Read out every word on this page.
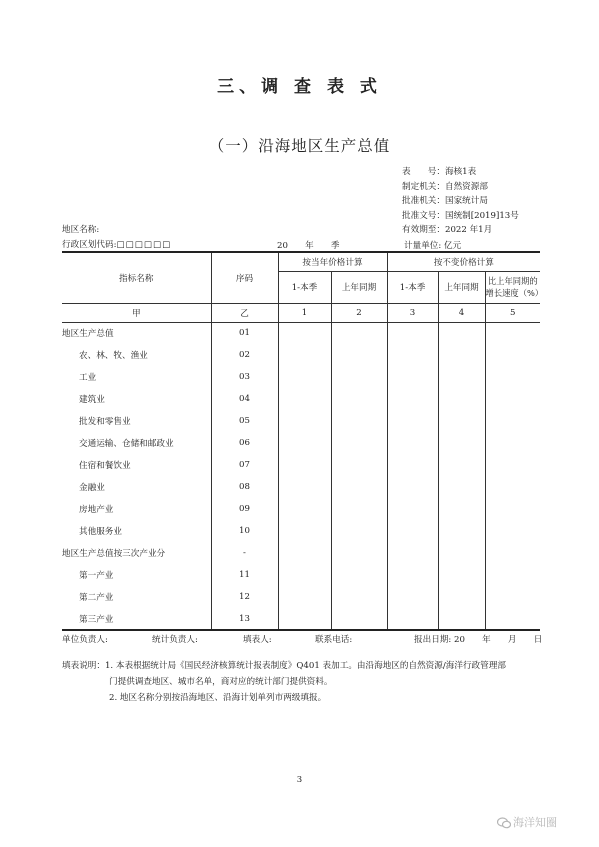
三、调 查 表 式
（一）沿海地区生产总值
表　　号：海核1表
制定机关：自然资源部
批准机关：国家统计局
批准文号：国统制[2019]13号
有效期至：2022 年1月
地区名称:
行政区划代码:□□□□□□	20　　年　　季	计量单位: 亿元
指标名称	序码	按当年价格计算		按不变价格计算		
		1-本季	上年同期	1-本季	上年同期	比上年同期的增长速度（%）
甲	乙	1	2	3	4	5
地区生产总值	01					
农、林、牧、渔业	02					
工业	03					
建筑业	04					
批发和零售业	05					
交通运输、仓储和邮政业	06					
住宿和餐饮业	07					
金融业	08					
房地产业	09					
其他服务业	10					
地区生产总值按三次产业分	-					
第一产业	11					
第二产业	12					
第三产业	13					
单位负责人:	统计负责人:	填表人:	联系电话:	报出日期: 20　　年　　月　　日
填表说明：1. 本表根据统计局《国民经济核算统计报表制度》Q401 表加工。由沿海地区的自然资源/海洋行政管理部
门提供调查地区、城市名单，商对应的统计部门提供资料。
2. 地区名称分别按沿海地区、沿海计划单列市两级填报。
3
海洋知圈
